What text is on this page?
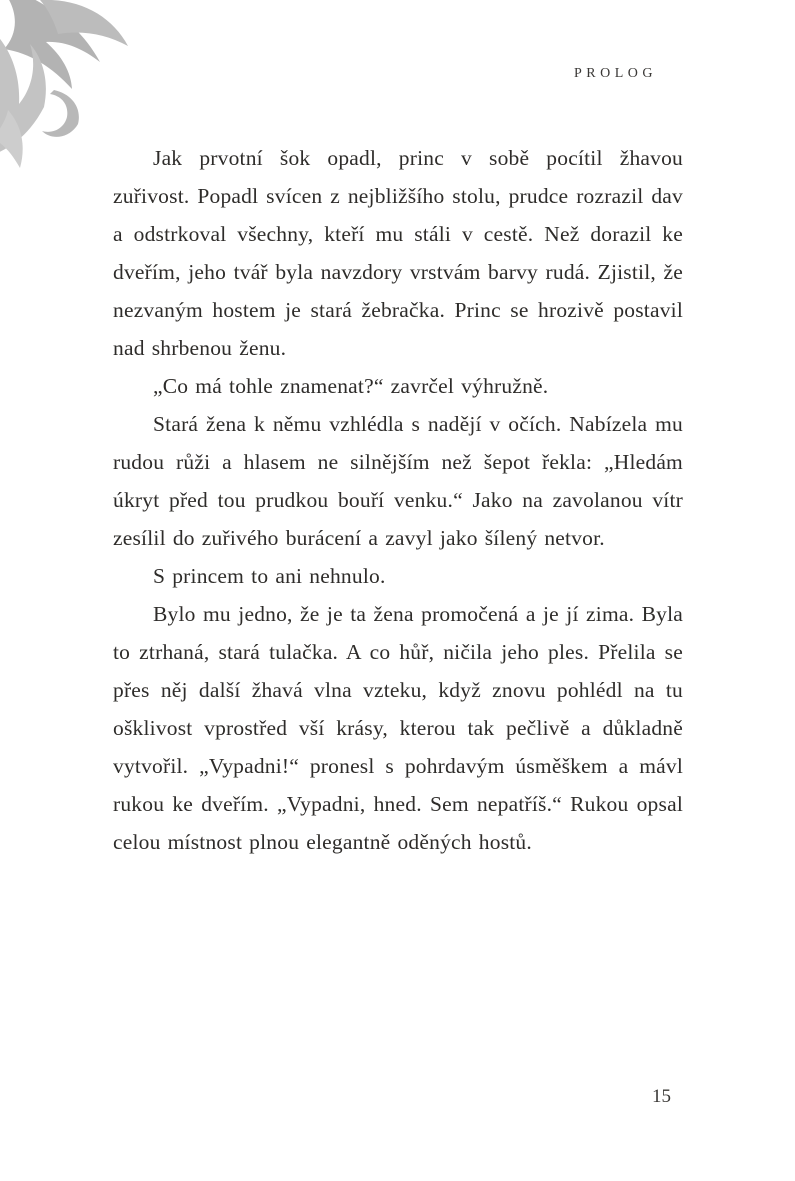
PROLOG

Jak prvotní šok opadl, princ v sobě pocítil žhavou zuřivost. Popadl svícen z nejbližšího stolu, prudce rozrazil dav a odstrkoval všechny, kteří mu stáli v cestě. Než dorazil ke dveřím, jeho tvář byla navzdory vrstvám barvy rudá. Zjistil, že nezvaným hostem je stará žebračka. Princ se hrozivě postavil nad shrbenou ženu.

„Co má tohle znamenat?“ zavrčel výhružně.

Stará žena k němu vzhlédla s nadějí v očích. Nabízela mu rudou růži a hlasem ne silnějším než šepot řekla: „Hledám úkryt před tou prudkou bouří venku.“ Jako na zavolanou vítr zesílil do zuřivého burácení a zavyl jako šílený netvor.

S princem to ani nehnulo.

Bylo mu jedno, že je ta žena promočená a je jí zima. Byla to ztrhaná, stará tulačka. A co hůř, ničila jeho ples. Přelila se přes něj další žhavá vlna vzteku, když znovu pohlédl na tu ošklivost vprostřed vší krásy, kterou tak pečlivě a důkladně vytvořil. „Vypadni!“ pronesl s pohrdavým úsměškem a mávl rukou ke dveřím. „Vypadni, hned. Sem nepatříš.“ Rukou opsal celou místnost plnou elegantně oděných hostů.

15
